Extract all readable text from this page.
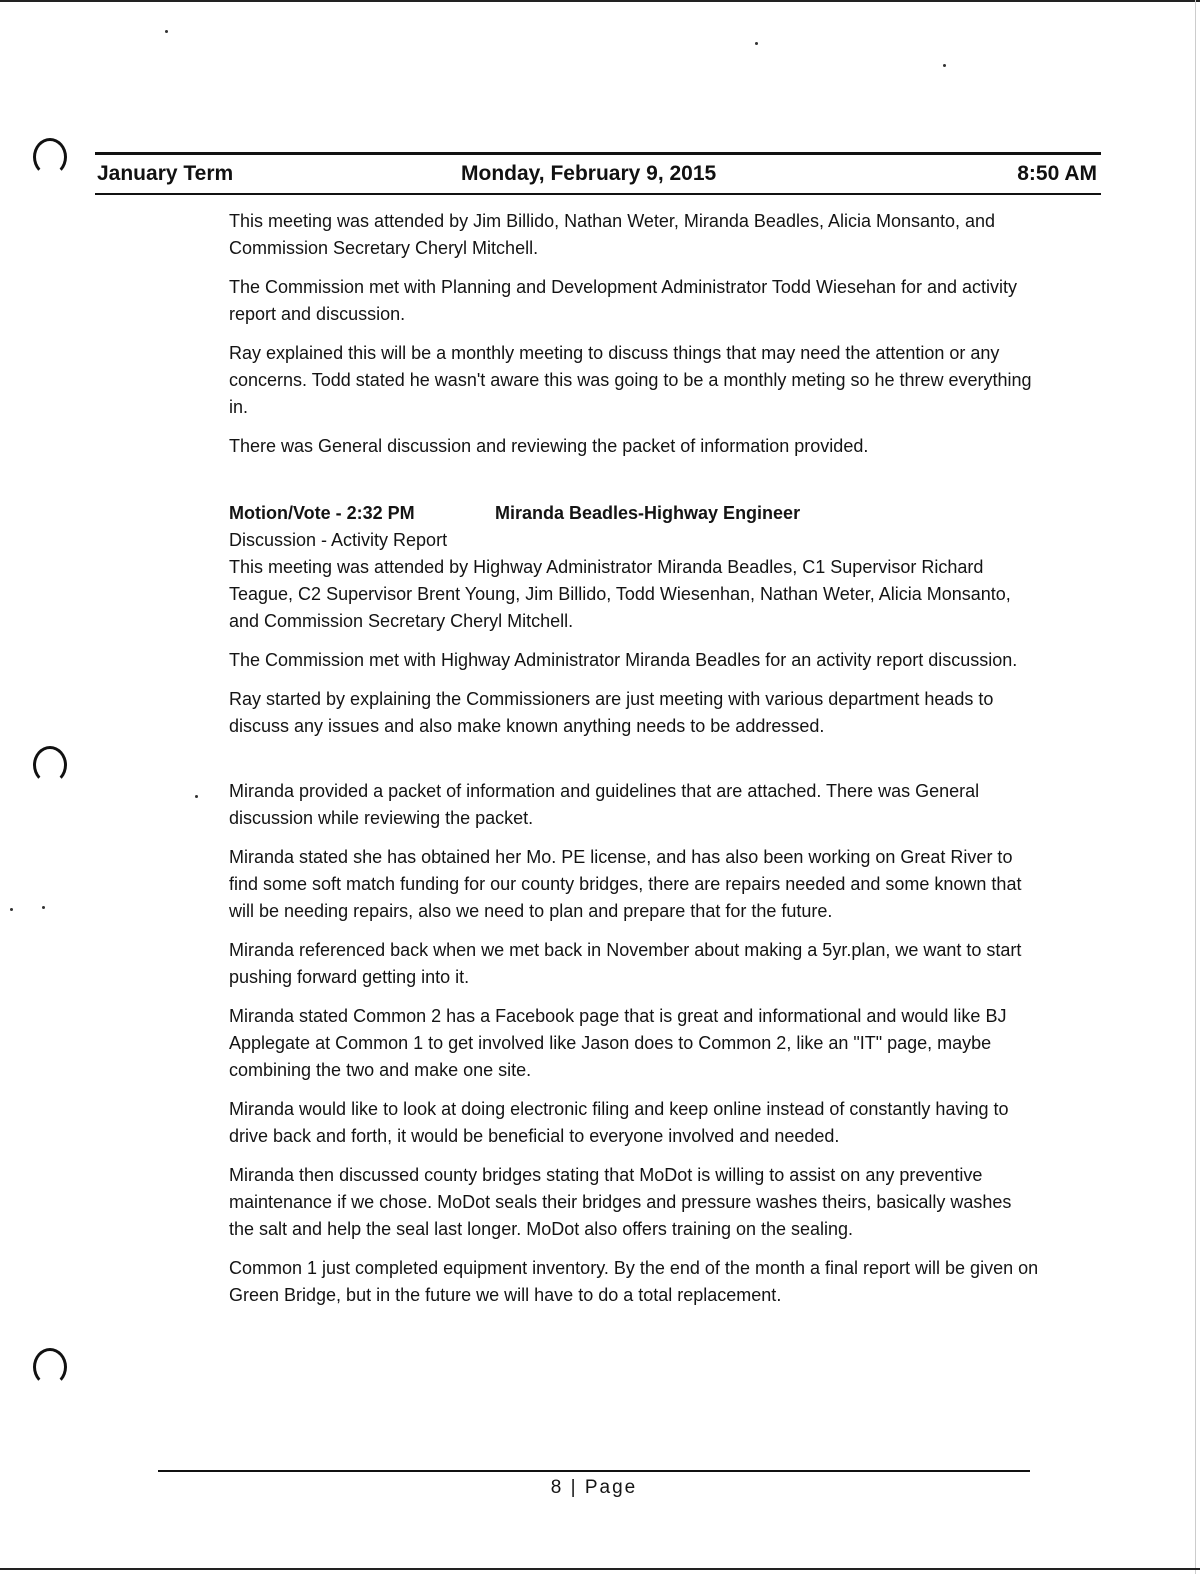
January Term	Monday, February 9, 2015	8:50 AM

This meeting was attended by Jim Billido, Nathan Weter, Miranda Beadles, Alicia Monsanto, and Commission Secretary Cheryl Mitchell.

The Commission met with Planning and Development Administrator Todd Wiesehan for and activity report and discussion.

Ray explained this will be a monthly meeting to discuss things that may need the attention or any concerns. Todd stated he wasn't aware this was going to be a monthly meting so he threw everything in.

There was General discussion and reviewing the packet of information provided.

Motion/Vote - 2:32 PM	Miranda Beadles-Highway Engineer
Discussion - Activity Report

This meeting was attended by Highway Administrator Miranda Beadles, C1 Supervisor Richard Teague, C2 Supervisor Brent Young, Jim Billido, Todd Wiesenhan, Nathan Weter, Alicia Monsanto, and Commission Secretary Cheryl Mitchell.

The Commission met with Highway Administrator Miranda Beadles for an activity report discussion.

Ray started by explaining the Commissioners are just meeting with various department heads to discuss any issues and also make known anything needs to be addressed.

Miranda provided a packet of information and guidelines that are attached. There was General discussion while reviewing the packet.

Miranda stated she has obtained her Mo. PE license, and has also been working on Great River to find some soft match funding for our county bridges, there are repairs needed and some known that will be needing repairs, also we need to plan and prepare that for the future.

Miranda referenced back when we met back in November about making a 5yr.plan, we want to start pushing forward getting into it.

Miranda stated Common 2 has a Facebook page that is great and informational and would like BJ Applegate at Common 1 to get involved like Jason does to Common 2, like an "IT" page, maybe combining the two and make one site.

Miranda would like to look at doing electronic filing and keep online instead of constantly having to drive back and forth, it would be beneficial to everyone involved and needed.

Miranda then discussed county bridges stating that MoDot is willing to assist on any preventive maintenance if we chose. MoDot seals their bridges and pressure washes theirs, basically washes the salt and help the seal last longer. MoDot also offers training on the sealing.

Common 1 just completed equipment inventory. By the end of the month a final report will be given on Green Bridge, but in the future we will have to do a total replacement.

8 | Page
